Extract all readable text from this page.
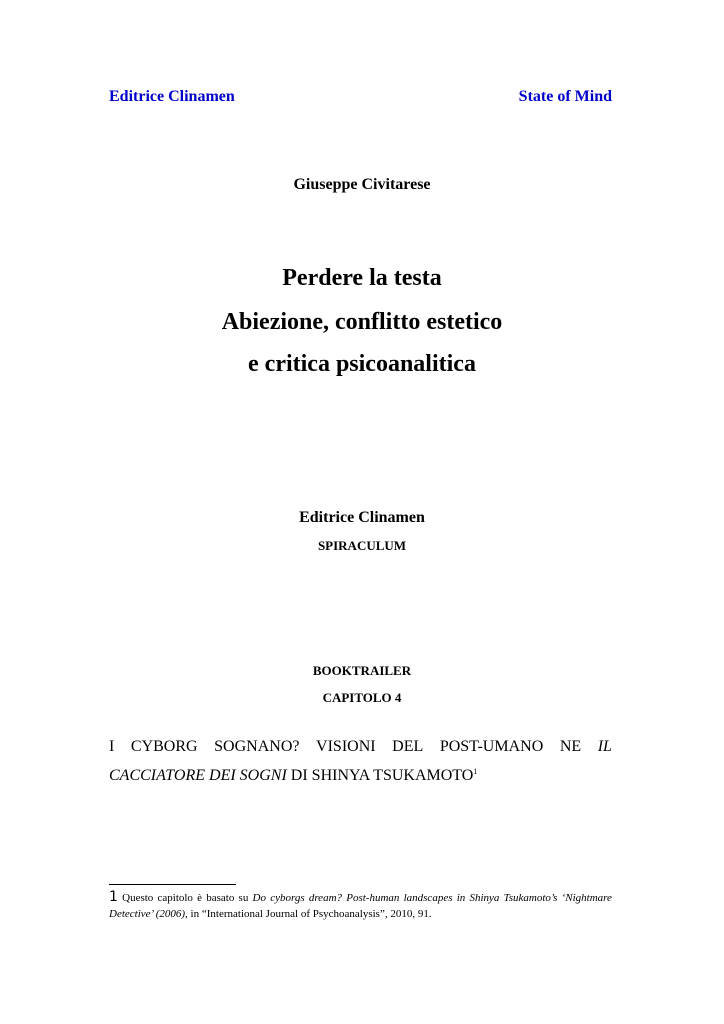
Editrice Clinamen	State of Mind
Giuseppe Civitarese
Perdere la testa
Abiezione, conflitto estetico
e critica psicoanalitica
Editrice Clinamen
SPIRACULUM
BOOKTRAILER
CAPITOLO 4
I CYBORG SOGNANO? VISIONI DEL POST-UMANO NE IL
CACCIATORE DEI SOGNI DI SHINYA TSUKAMOTO$^1$
1 Questo capitolo è basato su Do cyborgs dream? Post-human landscapes in Shinya Tsukamoto’s ‘Nightmare
Detective’ (2006), in “International Journal of Psychoanalysis”, 2010, 91.
